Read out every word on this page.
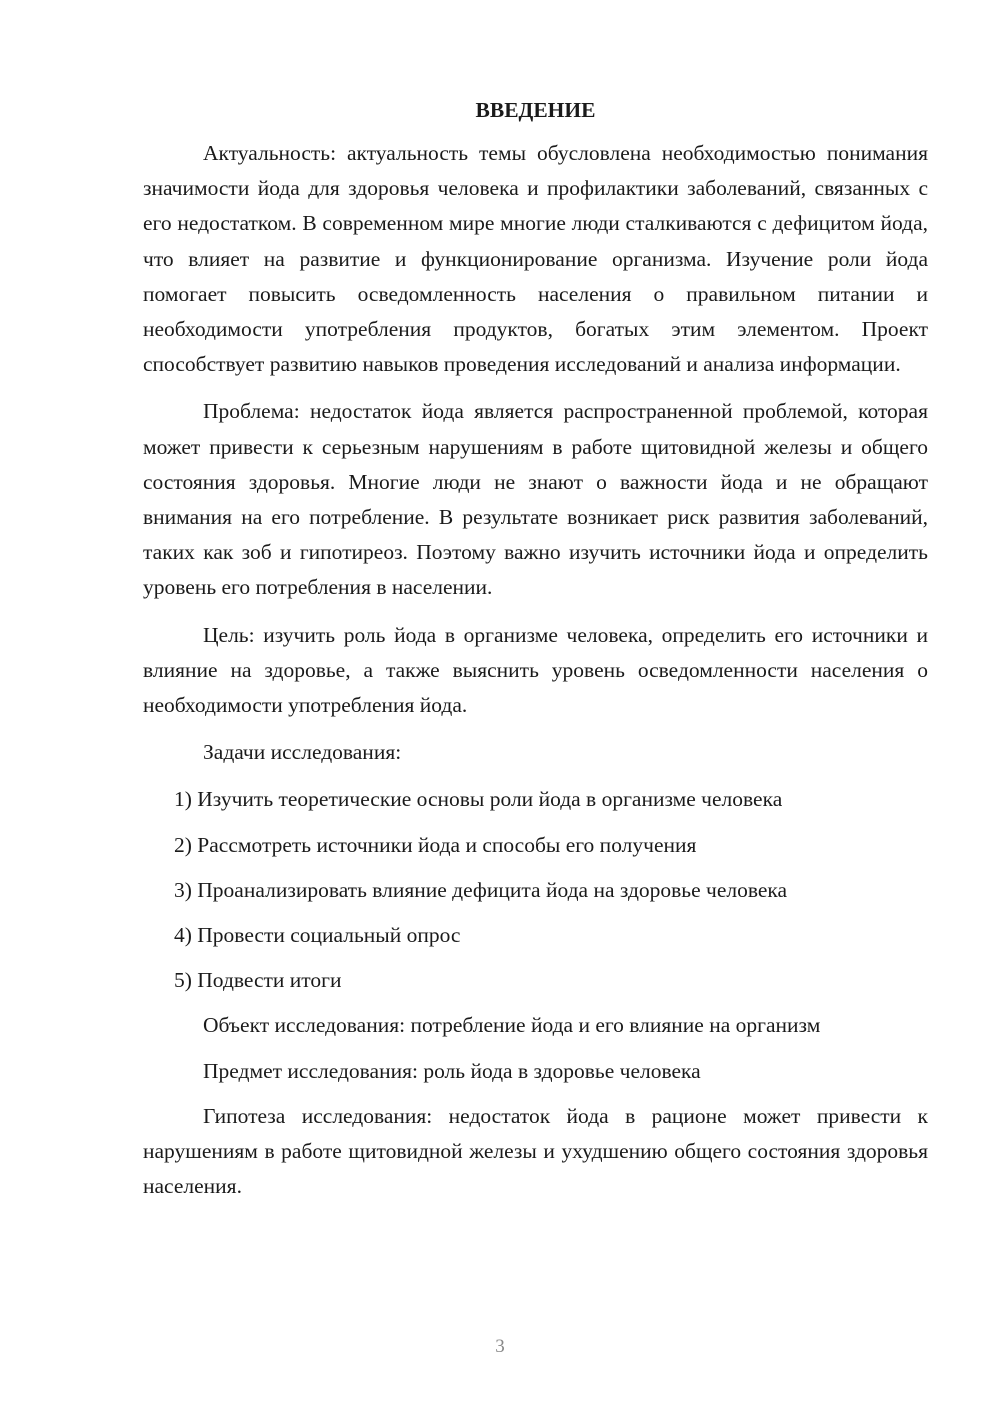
ВВЕДЕНИЕ

Актуальность: актуальность темы обусловлена необходимостью понимания значимости йода для здоровья человека и профилактики заболеваний, связанных с его недостатком. В современном мире многие люди сталкиваются с дефицитом йода, что влияет на развитие и функционирование организма. Изучение роли йода помогает повысить осведомленность населения о правильном питании и необходимости употребления продуктов, богатых этим элементом. Проект способствует развитию навыков проведения исследований и анализа информации.

Проблема: недостаток йода является распространенной проблемой, которая может привести к серьезным нарушениям в работе щитовидной железы и общего состояния здоровья. Многие люди не знают о важности йода и не обращают внимания на его потребление. В результате возникает риск развития заболеваний, таких как зоб и гипотиреоз. Поэтому важно изучить источники йода и определить уровень его потребления в населении.

Цель: изучить роль йода в организме человека, определить его источники и влияние на здоровье, а также выяснить уровень осведомленности населения о необходимости употребления йода.

Задачи исследования:

1) Изучить теоретические основы роли йода в организме человека
2) Рассмотреть источники йода и способы его получения
3) Проанализировать влияние дефицита йода на здоровье человека
4) Провести социальный опрос
5) Подвести итоги

Объект исследования: потребление йода и его влияние на организм

Предмет исследования: роль йода в здоровье человека

Гипотеза исследования: недостаток йода в рационе может привести к нарушениям в работе щитовидной железы и ухудшению общего состояния здоровья населения.

3
